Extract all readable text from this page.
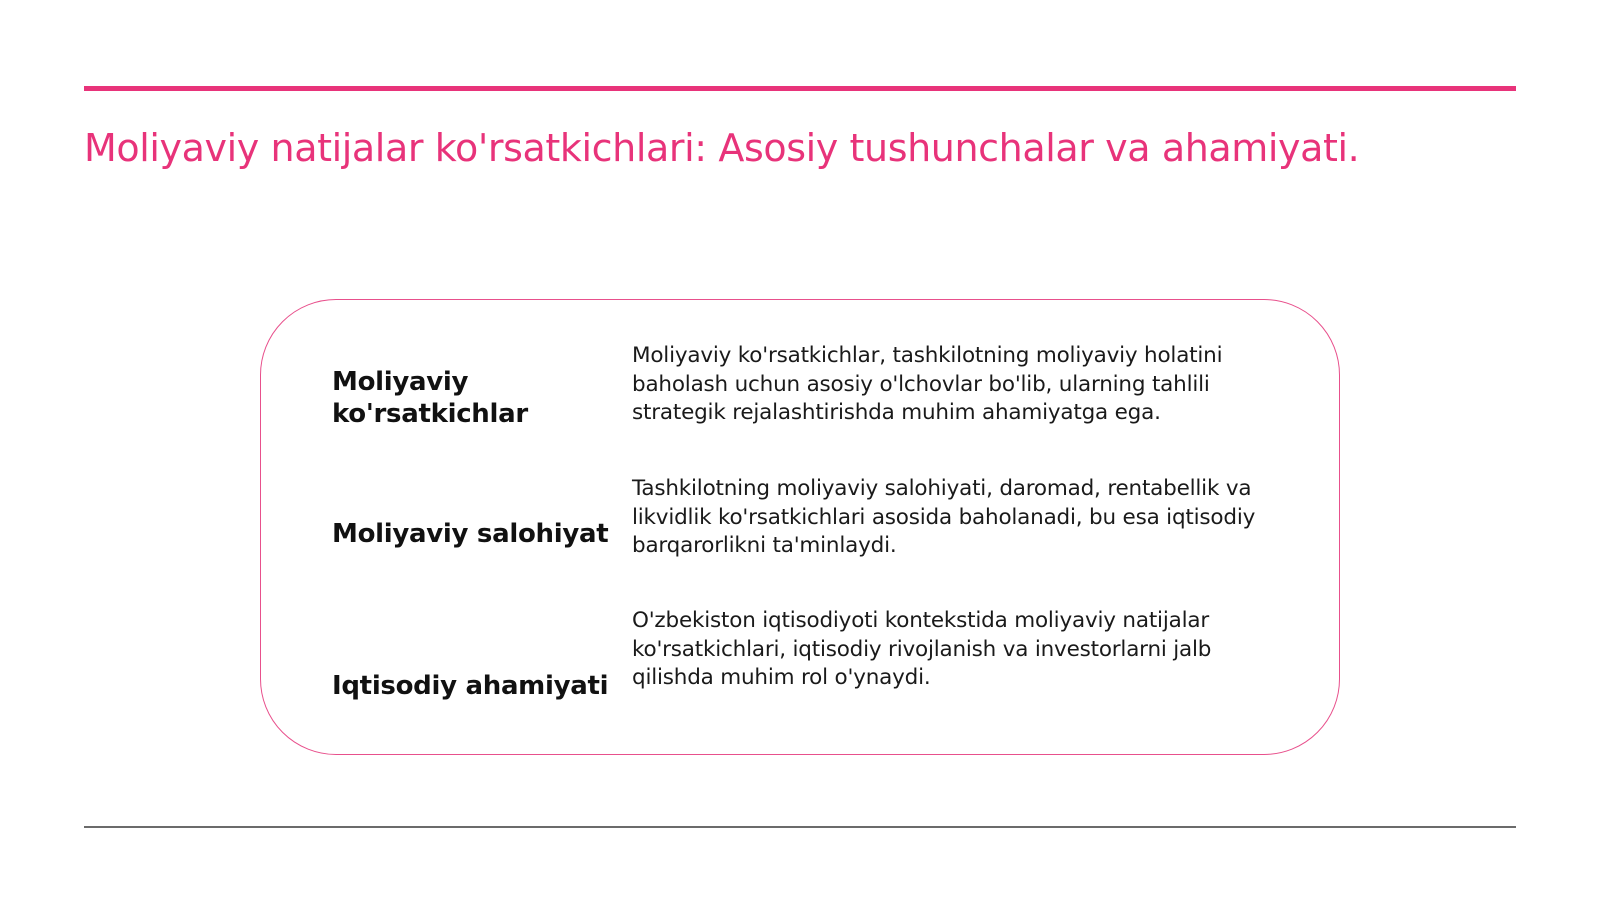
Moliyaviy natijalar ko'rsatkichlari: Asosiy tushunchalar va ahamiyati.
Moliyaviy ko'rsatkichlar
Moliyaviy ko'rsatkichlar, tashkilotning moliyaviy holatini baholash uchun asosiy o'lchovlar bo'lib, ularning tahlili strategik rejalashtirishda muhim ahamiyatga ega.
Moliyaviy salohiyat
Tashkilotning moliyaviy salohiyati, daromad, rentabellik va likvidlik ko'rsatkichlari asosida baholanadi, bu esa iqtisodiy barqarorlikni ta'minlaydi.
Iqtisodiy ahamiyati
O'zbekiston iqtisodiyoti kontekstida moliyaviy natijalar ko'rsatkichlari, iqtisodiy rivojlanish va investorlarni jalb qilishda muhim rol o'ynaydi.
